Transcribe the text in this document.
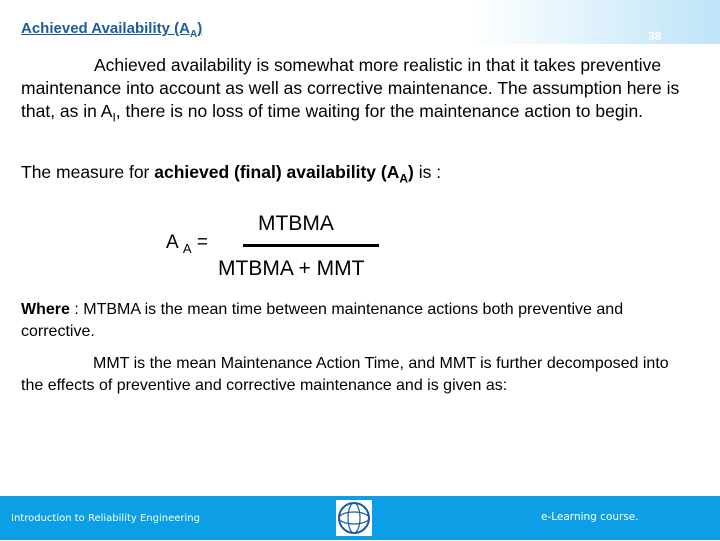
Achieved Availability $(A_A)$	38
Achieved availability is somewhat more realistic in that it takes preventive maintenance into account as well as corrective maintenance. The assumption here is that, as in $A_I$, there is no loss of time waiting for the maintenance action to begin.
The measure for achieved (final) availability $(A_A)$ is :
A $_A$ =
MTBMA
MTBMA + MMT
Where : MTBMA is the mean time between maintenance actions both preventive and corrective.
MMT is the mean Maintenance Action Time, and MMT is further decomposed into the effects of preventive and corrective maintenance and is given as:
Introduction to Reliability Engineering	e-Learning course.
